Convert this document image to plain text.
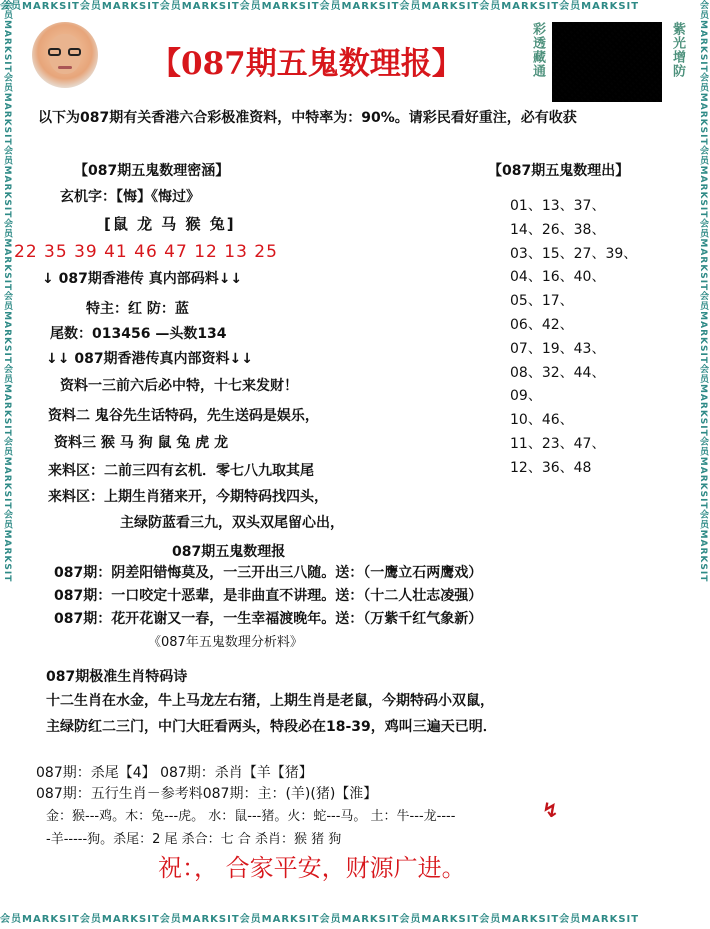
会员MARKSIT会员MARKSIT会员MARKSIT会员MARKSIT会员MARKSIT会员MARKSIT会员MARKSIT会员MARKSIT
会员MARKSIT会员MARKSIT会员MARKSIT会员MARKSIT会员MARKSIT会员MARKSIT会员MARKSIT会员MARKSIT
会员MARKSIT会员MARKSIT会员MARKSIT会员MARKSIT会员MARKSIT会员MARKSIT会员MARKSIT会员MARKSIT	会员MARKSIT会员MARKSIT会员MARKSIT会员MARKSIT会员MARKSIT会员MARKSIT会员MARKSIT会员MARKSIT
【087期五鬼数理报】	彩透藏通	紫光增防
以下为087期有关香港六合彩极准资料，中特率为：90%。请彩民看好重注，必有收获
【087期五鬼数理密涵】
玄机字：【悔】《悔过》
[鼠 龙 马 猴 兔]
22 35 39 41 46 47 12 13 25
↓ 087期香港传 真内部码料↓↓
特主：红 防：蓝
尾数：013456 —头数134
↓↓ 087期香港传真内部资料↓↓
资料一三前六后必中特，十七来发财！
资料二 鬼谷先生话特码，先生送码是娱乐，
资料三 猴 马 狗 鼠 兔 虎 龙
来料区：二前三四有玄机．零七八九取其尾
来料区：上期生肖猪来开，今期特码找四头，
主绿防蓝看三九，双头双尾留心出，
【087期五鬼数理出】
01、13、37、
14、26、38、
03、15、27、39、
04、16、40、
05、17、
06、42、
07、19、43、
08、32、44、
09、
10、46、
11、23、47、
12、36、48
087期五鬼数理报
087期：阴差阳错悔莫及，一三开出三八随。送：（一鹰立石两鹰戏）
087期：一口咬定十恶辈，是非曲直不讲理。送：（十二人壮志凌强）
087期：花开花谢又一春，一生幸福渡晚年。送：（万紫千红气象新）
《087年五鬼数理分析料》
087期极准生肖特码诗
十二生肖在水金，牛上马龙左右猪，上期生肖是老鼠，今期特码小双鼠，
主绿防红二三门，中门大旺看两头，特段必在18-39，鸡叫三遍天已明．
087期：杀尾【4】 087期：杀肖【羊【猪】
087期：五行生肖－参考料087期：主：(羊)(猪)【淮】
金：猴---鸡。木：兔---虎。 水：鼠---猪。火：蛇---马。 土：牛---龙----
-羊-----狗。杀尾：2 尾 杀合：七 合 杀肖：猴 猪 狗
↯
祝：， 合家平安，财源广进。
